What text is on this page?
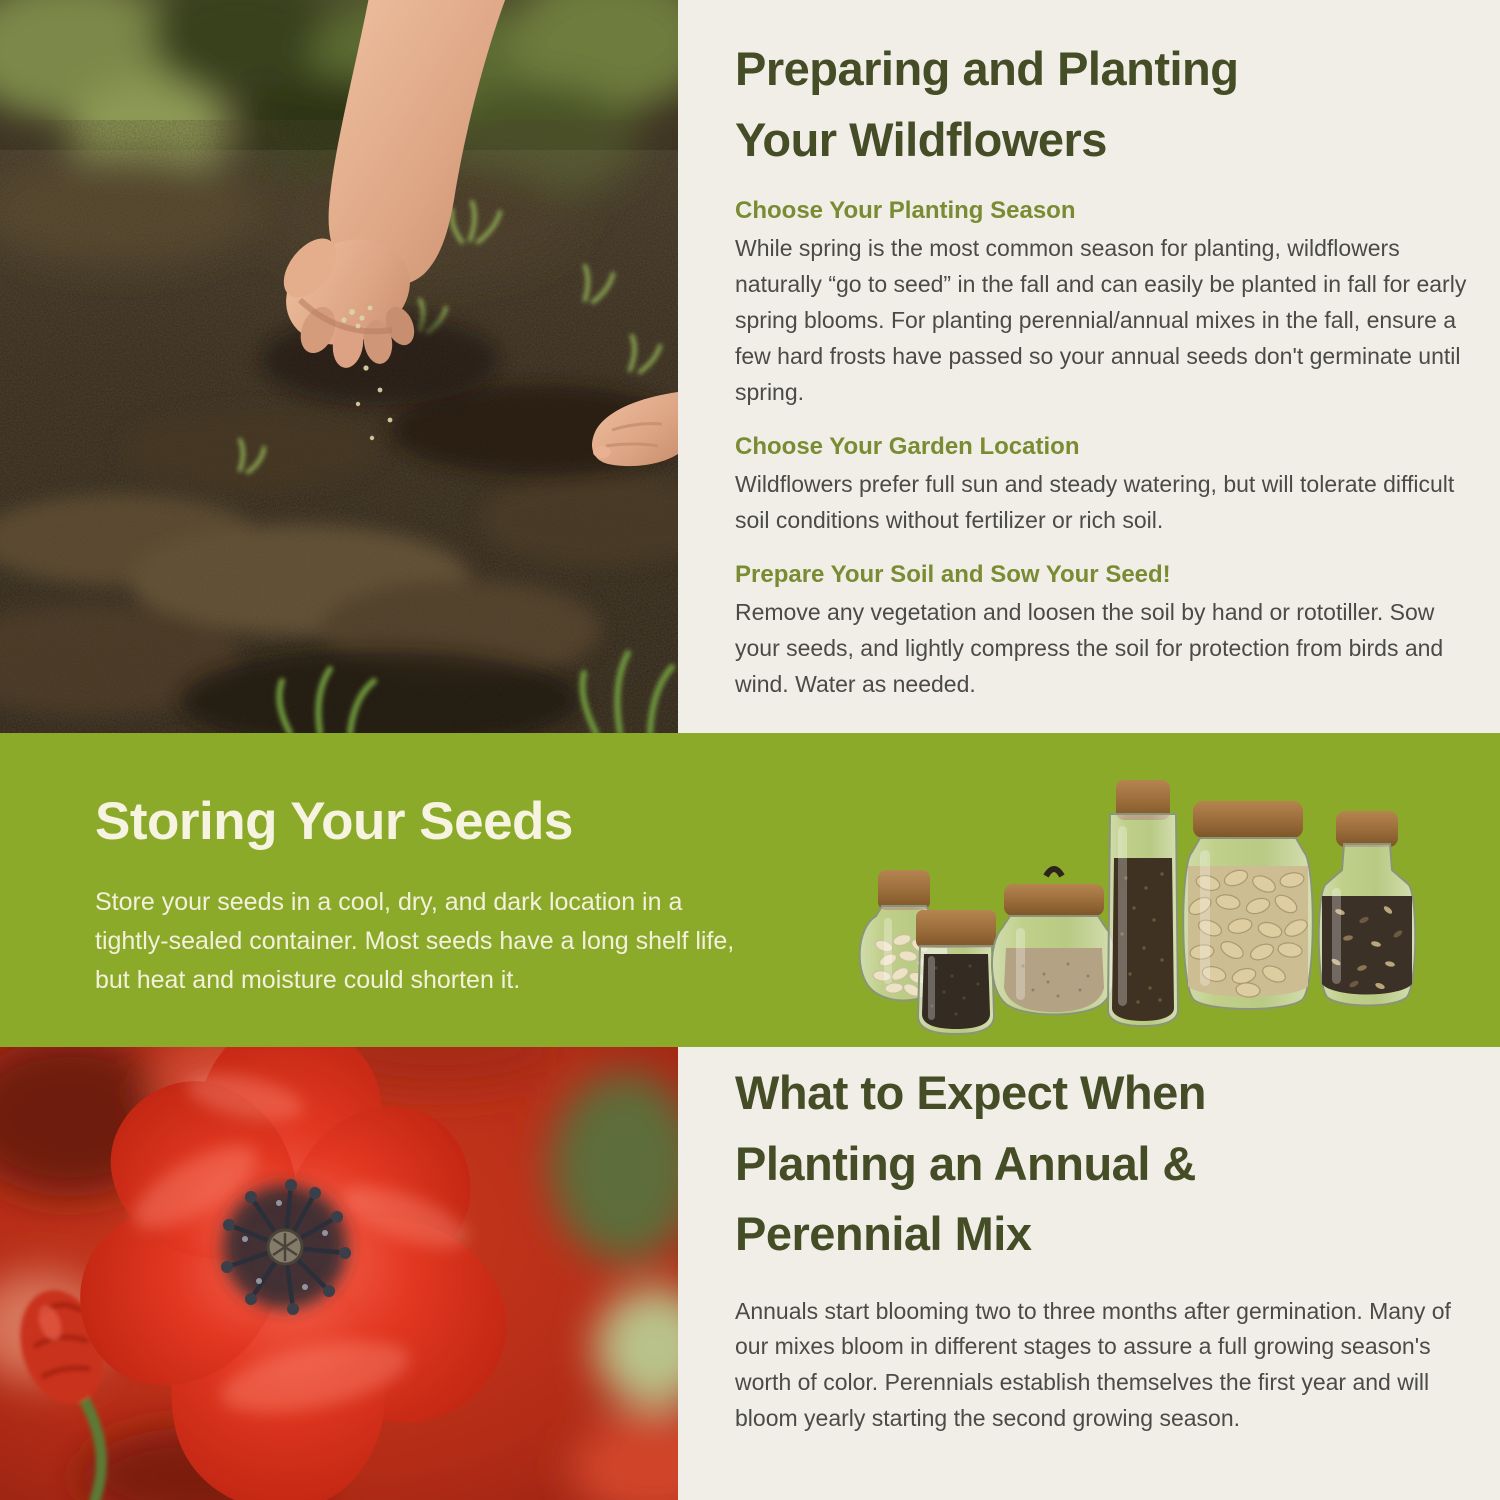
Preparing and Planting
Your Wildflowers
Choose Your Planting Season

While spring is the most common season for planting, wildflowers naturally “go to seed” in the fall and can easily be planted in fall for early spring blooms. For planting perennial/annual mixes in the fall, ensure a few hard frosts have passed so your annual seeds don't germinate until spring.

Choose Your Garden Location

Wildflowers prefer full sun and steady watering, but will tolerate difficult soil conditions without fertilizer or rich soil.

Prepare Your Soil and Sow Your Seed!

Remove any vegetation and loosen the soil by hand or rototiller. Sow your seeds, and lightly compress the soil for protection from birds and wind. Water as needed.

Storing Your Seeds

Store your seeds in a cool, dry, and dark location in a tightly-sealed container. Most seeds have a long shelf life, but heat and moisture could shorten it.

What to Expect When
Planting an Annual &
Perennial Mix

Annuals start blooming two to three months after germination. Many of our mixes bloom in different stages to assure a full growing season's worth of color. Perennials establish themselves the first year and will bloom yearly starting the second growing season.
